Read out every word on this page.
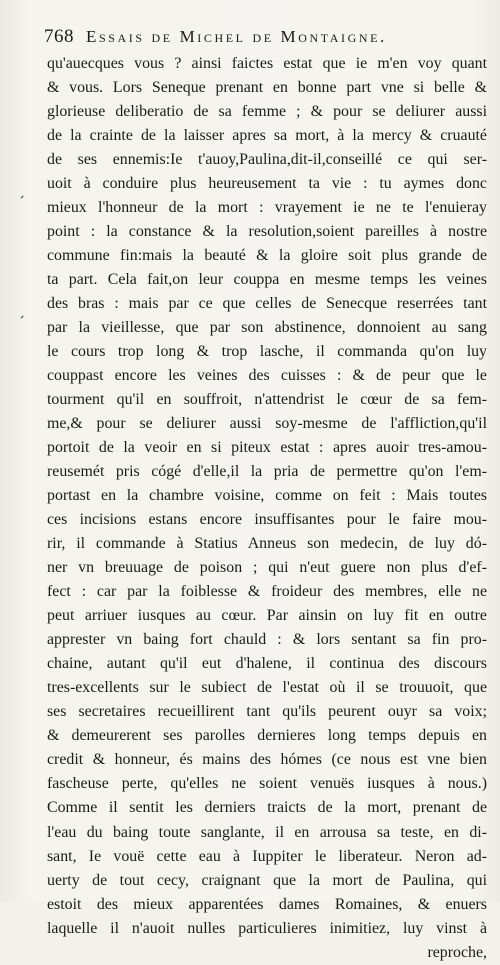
768 Essais de Michel de Montaigne.
ˏ
ˏ
qu'auecques vous ? ainsi faictes estat que ie m'en voy quant
& vous. Lors Seneque prenant en bonne part vne si belle &
glorieuse deliberatio de sa femme ; & pour se deliurer aussi
de la crainte de la laisser apres sa mort, à la mercy & cruauté
de ses ennemis:Ie t'auoy,Paulina,dit-il,conseillé ce qui ser-
uoit à conduire plus heureusement ta vie : tu aymes donc
mieux l'honneur de la mort : vrayement ie ne te l'enuieray
point : la constance & la resolution,soient pareilles à nostre
commune fin:mais la beauté & la gloire soit plus grande de
ta part. Cela fait,on leur couppa en mesme temps les veines
des bras : mais par ce que celles de Senecque reserrées tant
par la vieillesse, que par son abstinence, donnoient au sang
le cours trop long & trop lasche, il commanda qu'on luy
couppast encore les veines des cuisses : & de peur que le
tourment qu'il en souffroit, n'attendrist le cœur de sa fem-
me,& pour se deliurer aussi soy-mesme de l'affliction,qu'il
portoit de la veoir en si piteux estat : apres auoir tres-amou-
reusemét pris cógé d'elle,il la pria de permettre qu'on l'em-
portast en la chambre voisine, comme on feit : Mais toutes
ces incisions estans encore insuffisantes pour le faire mou-
rir, il commande à Statius Anneus son medecin, de luy dó-
ner vn breuuage de poison ; qui n'eut guere non plus d'ef-
fect : car par la foiblesse & froideur des membres, elle ne
peut arriuer iusques au cœur. Par ainsin on luy fit en outre
apprester vn baing fort chauld : & lors sentant sa fin pro-
chaine, autant qu'il eut d'halene, il continua des discours
tres-excellents sur le subiect de l'estat où il se trouuoit, que
ses secretaires recueillirent tant qu'ils peurent ouyr sa voix;
& demeurerent ses parolles dernieres long temps depuis en
credit & honneur, és mains des hómes (ce nous est vne bien
fascheuse perte, qu'elles ne soient venuës iusques à nous.)
Comme il sentit les derniers traicts de la mort, prenant de
l'eau du baing toute sanglante, il en arrousa sa teste, en di-
sant, Ie vouë cette eau à Iuppiter le liberateur. Neron ad-
uerty de tout cecy, craignant que la mort de Paulina, qui
estoit des mieux apparentées dames Romaines, & enuers
laquelle il n'auoit nulles particulieres inimitiez, luy vinst à
reproche,
